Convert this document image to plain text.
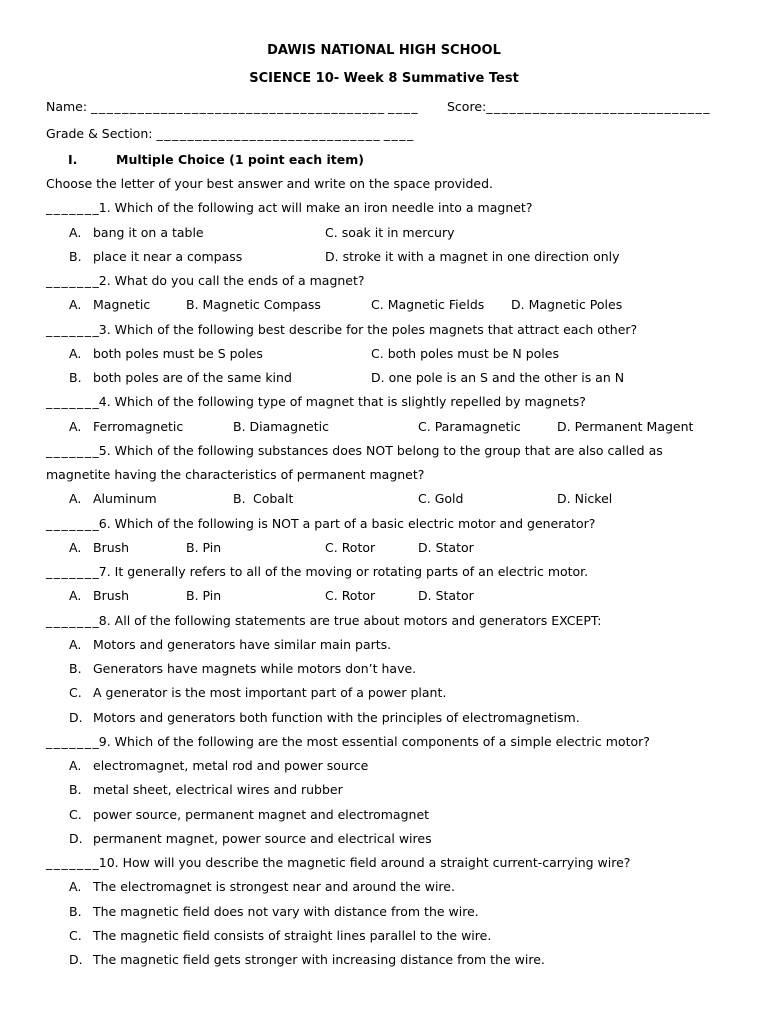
DAWIS NATIONAL HIGH SCHOOL
SCIENCE 10- Week 8 Summative Test
Name: ______________________________________ ____ Score:_____________________________
Grade & Section: _____________________________ ____
I.	Multiple Choice (1 point each item)
Choose the letter of your best answer and write on the space provided.
_______1. Which of the following act will make an iron needle into a magnet?
A. bang it on a table	C. soak it in mercury
B. place it near a compass	D. stroke it with a magnet in one direction only
_______2. What do you call the ends of a magnet?
A. Magnetic	B. Magnetic Compass	C. Magnetic Fields D. Magnetic Poles
_______3. Which of the following best describe for the poles magnets that attract each other?
A. both poles must be S poles	C. both poles must be N poles
B. both poles are of the same kind	D. one pole is an S and the other is an N
_______4. Which of the following type of magnet that is slightly repelled by magnets?
A. Ferromagnetic	B. Diamagnetic	C. Paramagnetic	D. Permanent Magent
_______5. Which of the following substances does NOT belong to the group that are also called as
magnetite having the characteristics of permanent magnet?
A. Aluminum	B. Cobalt	C. Gold	D. Nickel
_______6. Which of the following is NOT a part of a basic electric motor and generator?
A. Brush	B. Pin	C. Rotor	D. Stator
_______7. It generally refers to all of the moving or rotating parts of an electric motor.
A. Brush	B. Pin	C. Rotor	D. Stator
_______8. All of the following statements are true about motors and generators EXCEPT:
A. Motors and generators have similar main parts.
B. Generators have magnets while motors don’t have.
C. A generator is the most important part of a power plant.
D. Motors and generators both function with the principles of electromagnetism.
_______9. Which of the following are the most essential components of a simple electric motor?
A. electromagnet, metal rod and power source
B. metal sheet, electrical wires and rubber
C. power source, permanent magnet and electromagnet
D. permanent magnet, power source and electrical wires
_______10. How will you describe the magnetic field around a straight current-carrying wire?
A. The electromagnet is strongest near and around the wire.
B. The magnetic field does not vary with distance from the wire.
C. The magnetic field consists of straight lines parallel to the wire.
D. The magnetic field gets stronger with increasing distance from the wire.
